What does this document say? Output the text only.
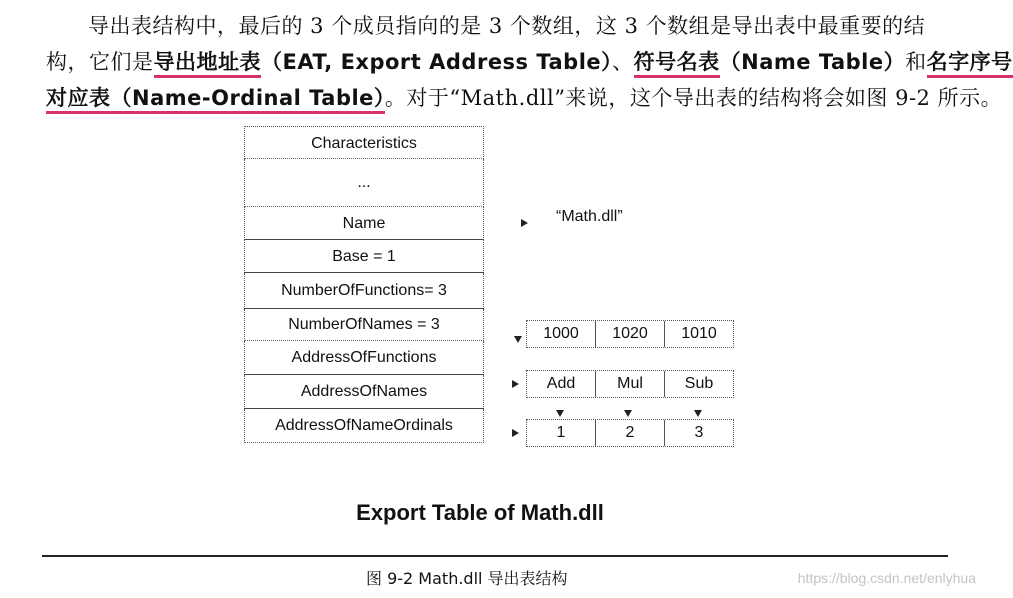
导出表结构中，最后的 3 个成员指向的是 3 个数组，这 3 个数组是导出表中最重要的结
构，它们是导出地址表（EAT, Export Address Table）、符号名表（Name Table）和名字序号
对应表（Name-Ordinal Table）。对于“Math.dll”来说，这个导出表的结构将会如图 9-2 所示。
Characteristics
...
Name
Base = 1
NumberOfFunctions= 3
NumberOfNames = 3
AddressOfFunctions
AddressOfNames
AddressOfNameOrdinals
“Math.dll”
1000	1020	1010
Add	Mul	Sub
1	2	3
Export Table of Math.dll
图 9-2 Math.dll 导出表结构	https://blog.csdn.net/enlyhua
